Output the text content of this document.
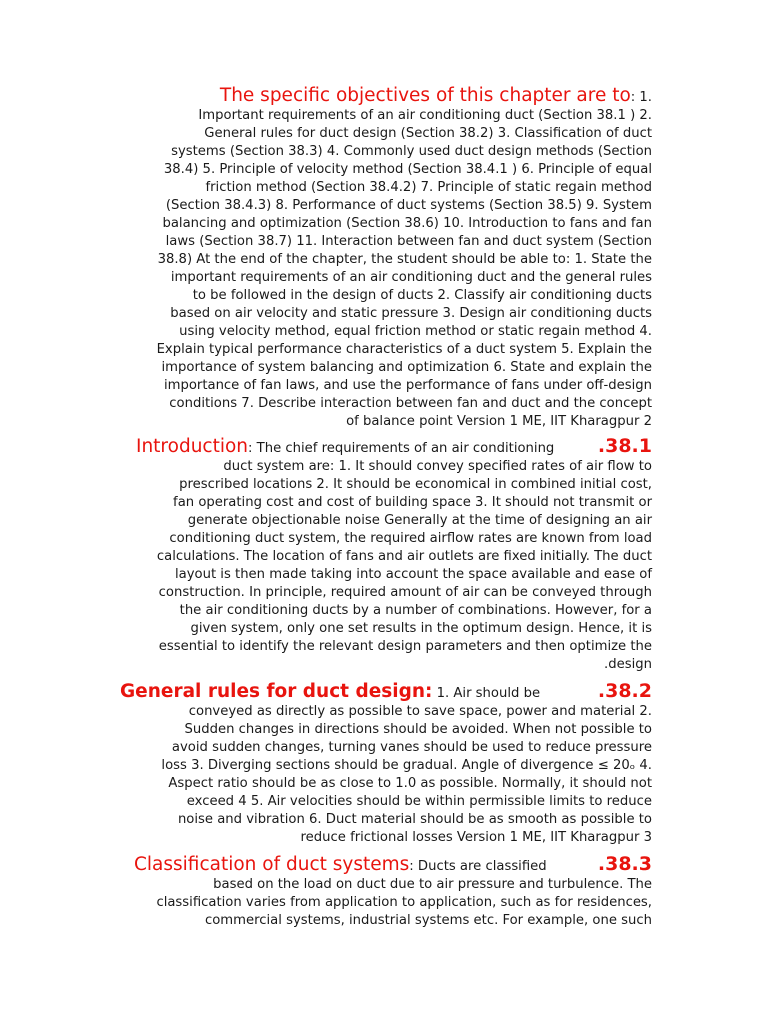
The specific objectives of this chapter are to: 1.
Important requirements of an air conditioning duct (Section 38.1 ) 2.
General rules for duct design (Section 38.2) 3. Classification of duct
systems (Section 38.3) 4. Commonly used duct design methods (Section
38.4) 5. Principle of velocity method (Section 38.4.1 ) 6. Principle of equal
friction method (Section 38.4.2) 7. Principle of static regain method
(Section 38.4.3) 8. Performance of duct systems (Section 38.5) 9. System
balancing and optimization (Section 38.6) 10. Introduction to fans and fan
laws (Section 38.7) 11. Interaction between fan and duct system (Section
38.8) At the end of the chapter, the student should be able to: 1. State the
important requirements of an air conditioning duct and the general rules
to be followed in the design of ducts 2. Classify air conditioning ducts
based on air velocity and static pressure 3. Design air conditioning ducts
using velocity method, equal friction method or static regain method 4.
Explain typical performance characteristics of a duct system 5. Explain the
importance of system balancing and optimization 6. State and explain the
importance of fan laws, and use the performance of fans under off-design
conditions 7. Describe interaction between fan and duct and the concept
of balance point Version 1 ME, IIT Kharagpur 2
Introduction: The chief requirements of an air conditioning .38.1
duct system are: 1. It should convey specified rates of air flow to
prescribed locations 2. It should be economical in combined initial cost,
fan operating cost and cost of building space 3. It should not transmit or
generate objectionable noise Generally at the time of designing an air
conditioning duct system, the required airflow rates are known from load
calculations. The location of fans and air outlets are fixed initially. The duct
layout is then made taking into account the space available and ease of
construction. In principle, required amount of air can be conveyed through
the air conditioning ducts by a number of combinations. However, for a
given system, only one set results in the optimum design. Hence, it is
essential to identify the relevant design parameters and then optimize the
.design
General rules for duct design: 1. Air should be	.38.2
conveyed as directly as possible to save space, power and material 2.
Sudden changes in directions should be avoided. When not possible to
avoid sudden changes, turning vanes should be used to reduce pressure
loss 3. Diverging sections should be gradual. Angle of divergence ≤ 20ₒ 4.
Aspect ratio should be as close to 1.0 as possible. Normally, it should not
exceed 4 5. Air velocities should be within permissible limits to reduce
noise and vibration 6. Duct material should be as smooth as possible to
reduce frictional losses Version 1 ME, IIT Kharagpur 3
Classification of duct systems: Ducts are classified	.38.3
based on the load on duct due to air pressure and turbulence. The
classification varies from application to application, such as for residences,
commercial systems, industrial systems etc. For example, one such
